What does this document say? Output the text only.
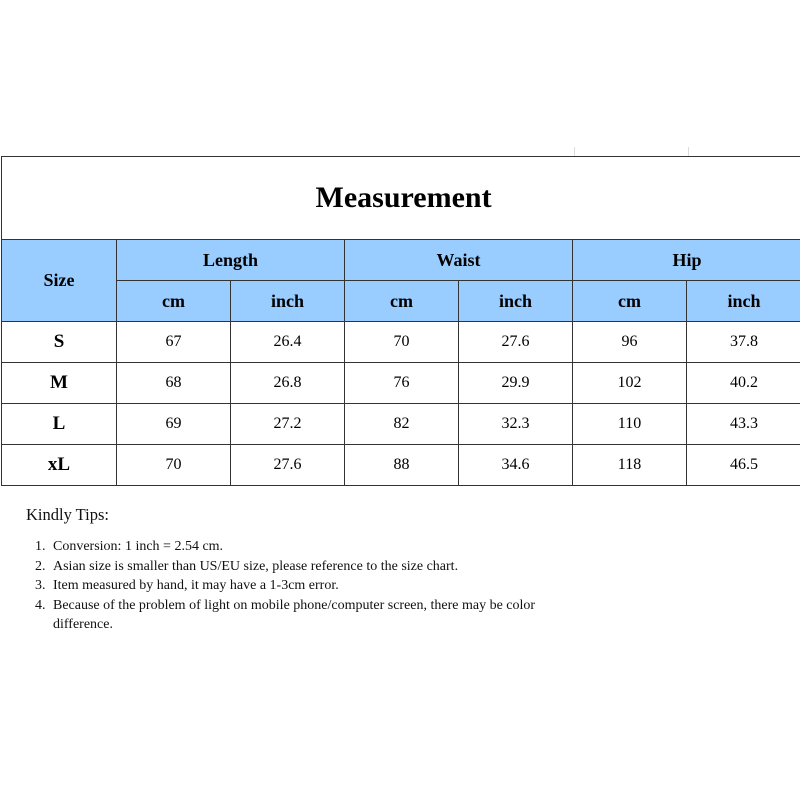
Measurement						
Size	Length		Waist		Hip	
	cm	inch	cm	inch	cm	inch
S	67	26.4	70	27.6	96	37.8
M	68	26.8	76	29.9	102	40.2
L	69	27.2	82	32.3	110	43.3
xL	70	27.6	88	34.6	118	46.5

Kindly Tips:

1. Conversion: 1 inch = 2.54 cm.
2. Asian size is smaller than US/EU size, please reference to the size chart.
3. Item measured by hand, it may have a 1-3cm error.
4. Because of the problem of light on mobile phone/computer screen, there may be color difference.
